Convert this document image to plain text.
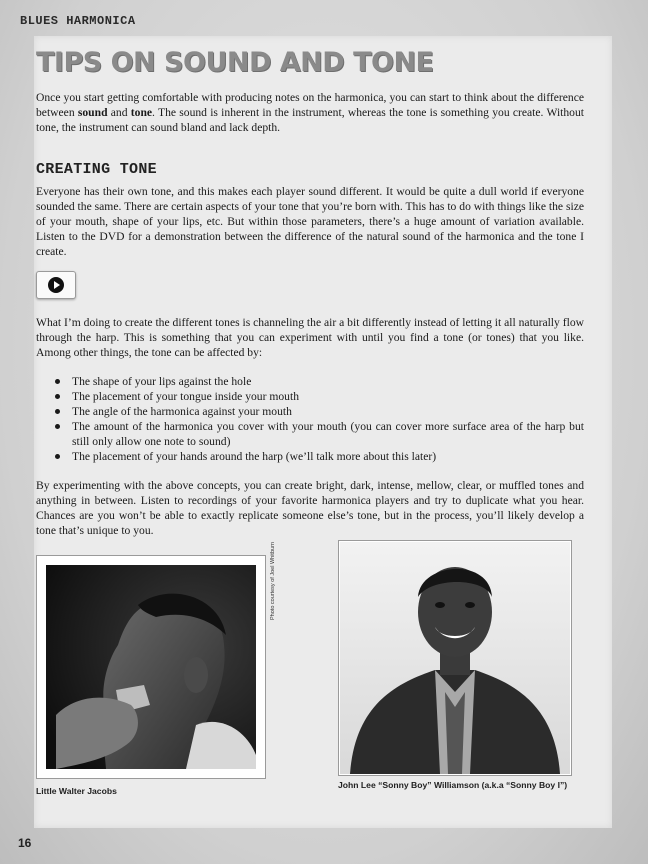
BLUES HARMONICA
TIPS ON SOUND AND TONE

Once you start getting comfortable with producing notes on the harmonica, you can start to think about the difference between sound and tone. The sound is inherent in the instrument, whereas the tone is something you create. Without tone, the instrument can sound bland and lack depth.

CREATING TONE

Everyone has their own tone, and this makes each player sound different. It would be quite a dull world if everyone sounded the same. There are certain aspects of your tone that you’re born with. This has to do with things like the size of your mouth, shape of your lips, etc. But within those parameters, there’s a huge amount of variation available. Listen to the DVD for a demonstration between the difference of the natural sound of the harmonica and the tone I create.

What I’m doing to create the different tones is channeling the air a bit differently instead of letting it all naturally flow through the harp. This is something that you can experiment with until you find a tone (or tones) that you like. Among other things, the tone can be affected by:

The shape of your lips against the hole
The placement of your tongue inside your mouth
The angle of the harmonica against your mouth
The amount of the harmonica you cover with your mouth (you can cover more surface area of the harp but still only allow one note to sound)
The placement of your hands around the harp (we’ll talk more about this later)

By experimenting with the above concepts, you can create bright, dark, intense, mellow, clear, or muffled tones and anything in between. Listen to recordings of your favorite harmonica players and try to duplicate what you hear. Chances are you won’t be able to exactly replicate someone else’s tone, but in the process, you’ll likely develop a tone that’s unique to you.

Photo courtesy of Joel Whitburn
Little Walter Jacobs
John Lee “Sonny Boy” Williamson (a.k.a “Sonny Boy I”)
16
